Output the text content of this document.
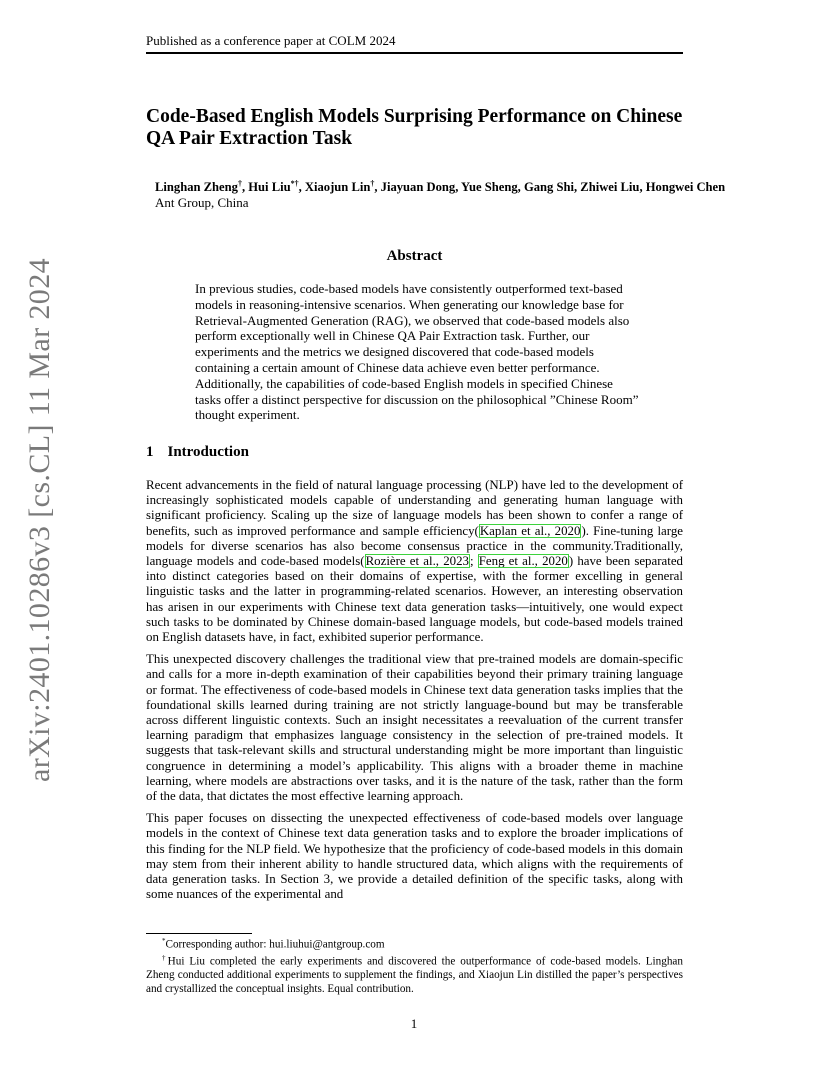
Published as a conference paper at COLM 2024
arXiv:2401.10286v3 [cs.CL] 11 Mar 2024
Code-Based English Models Surprising Performance on Chinese QA Pair Extraction Task
Linghan Zheng†, Hui Liu*†, Xiaojun Lin†, Jiayuan Dong, Yue Sheng, Gang Shi, Zhiwei Liu, Hongwei Chen
Ant Group, China
Abstract
In previous studies, code-based models have consistently outperformed text-based models in reasoning-intensive scenarios. When generating our knowledge base for Retrieval-Augmented Generation (RAG), we observed that code-based models also perform exceptionally well in Chinese QA Pair Extraction task. Further, our experiments and the metrics we designed discovered that code-based models containing a certain amount of Chinese data achieve even better performance. Additionally, the capabilities of code-based English models in specified Chinese tasks offer a distinct perspective for discussion on the philosophical ”Chinese Room” thought experiment.
1 Introduction

Recent advancements in the field of natural language processing (NLP) have led to the development of increasingly sophisticated models capable of understanding and generating human language with significant proficiency. Scaling up the size of language models has been shown to confer a range of benefits, such as improved performance and sample efficiency(Kaplan et al., 2020). Fine-tuning large models for diverse scenarios has also become consensus practice in the community.Traditionally, language models and code-based models(Rozière et al., 2023; Feng et al., 2020) have been separated into distinct categories based on their domains of expertise, with the former excelling in general linguistic tasks and the latter in programming-related scenarios. However, an interesting observation has arisen in our experiments with Chinese text data generation tasks—intuitively, one would expect such tasks to be dominated by Chinese domain-based language models, but code-based models trained on English datasets have, in fact, exhibited superior performance.

This unexpected discovery challenges the traditional view that pre-trained models are domain-specific and calls for a more in-depth examination of their capabilities beyond their primary training language or format. The effectiveness of code-based models in Chinese text data generation tasks implies that the foundational skills learned during training are not strictly language-bound but may be transferable across different linguistic contexts. Such an insight necessitates a reevaluation of the current transfer learning paradigm that emphasizes language consistency in the selection of pre-trained models. It suggests that task-relevant skills and structural understanding might be more important than linguistic congruence in determining a model’s applicability. This aligns with a broader theme in machine learning, where models are abstractions over tasks, and it is the nature of the task, rather than the form of the data, that dictates the most effective learning approach.

This paper focuses on dissecting the unexpected effectiveness of code-based models over language models in the context of Chinese text data generation tasks and to explore the broader implications of this finding for the NLP field. We hypothesize that the proficiency of code-based models in this domain may stem from their inherent ability to handle structured data, which aligns with the requirements of data generation tasks. In Section 3, we provide a detailed definition of the specific tasks, along with some nuances of the experimental and

*Corresponding author: hui.liuhui@antgroup.com

†Hui Liu completed the early experiments and discovered the outperformance of code-based models. Linghan Zheng conducted additional experiments to supplement the findings, and Xiaojun Lin distilled the paper’s perspectives and crystallized the conceptual insights. Equal contribution.

1
